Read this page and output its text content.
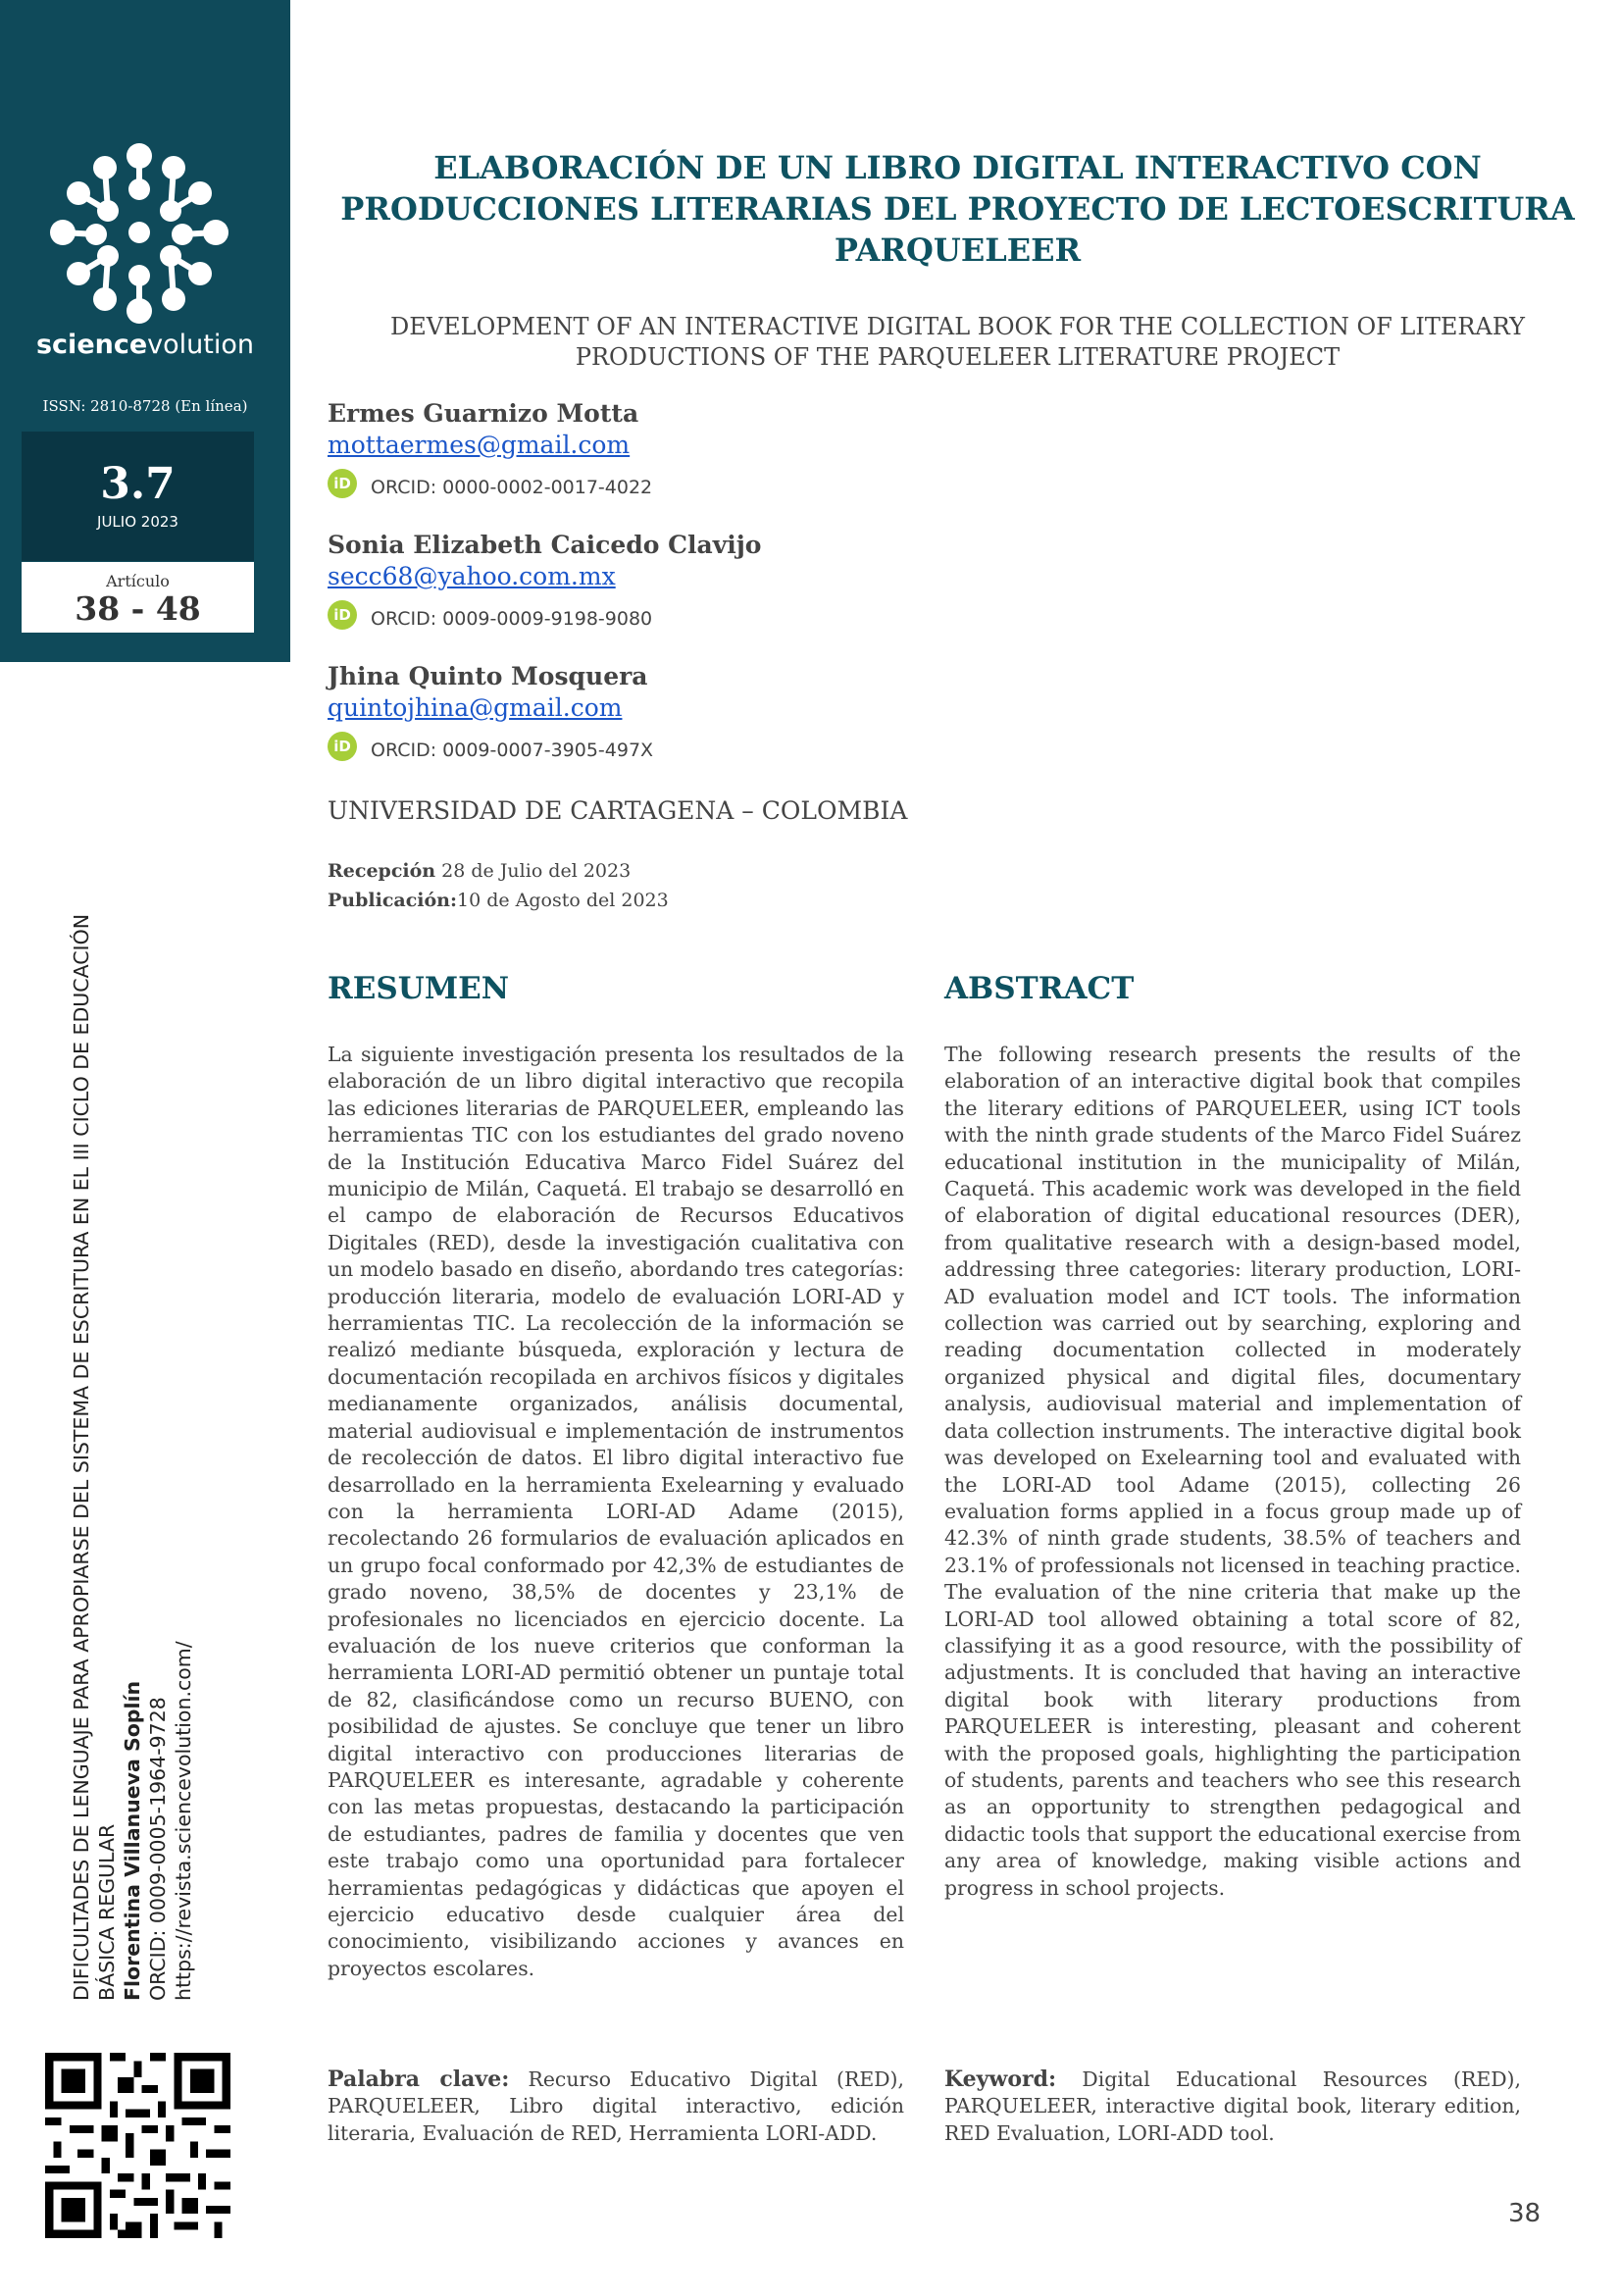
sciencevolution
ISSN: 2810-8728 (En línea)
3.7
JULIO 2023
Artículo
38 - 48
DIFICULTADES DE LENGUAJE PARA APROPIARSE DEL SISTEMA DE ESCRITURA EN EL III CICLO DE EDUCACIÓN BÁSICA REGULAR Florentina Villanueva Soplín ORCID: 0009-0005-1964-9728 https://revista.sciencevolution.com/
ELABORACIÓN DE UN LIBRO DIGITAL INTERACTIVO CON PRODUCCIONES LITERARIAS DEL PROYECTO DE LECTOESCRITURA PARQUELEER
DEVELOPMENT OF AN INTERACTIVE DIGITAL BOOK FOR THE COLLECTION OF LITERARY PRODUCTIONS OF THE PARQUELEER LITERATURE PROJECT
Ermes Guarnizo Motta
mottaermes@gmail.com
iD	ORCID: 0000-0002-0017-4022
Sonia Elizabeth Caicedo Clavijo
secc68@yahoo.com.mx
iD	ORCID: 0009-0009-9198-9080
Jhina Quinto Mosquera
quintojhina@gmail.com
iD	ORCID: 0009-0007-3905-497X
UNIVERSIDAD DE CARTAGENA – COLOMBIA
Recepción 28 de Julio del 2023
Publicación:10 de Agosto del 2023
RESUMEN	ABSTRACT
La siguiente investigación presenta los resultados de la elaboración de un libro digital interactivo que recopila las ediciones literarias de PARQUELEER, empleando las herramientas TIC con los estudiantes del grado noveno de la Institución Educativa Marco Fidel Suárez del municipio de Milán, Caquetá. El trabajo se desarrolló en el campo de elaboración de Recursos Educativos Digitales (RED), desde la investigación cualitativa con un modelo basado en diseño, abordando tres categorías: producción literaria, modelo de evaluación LORI-AD y herramientas TIC. La recolección de la información se realizó mediante búsqueda, exploración y lectura de documentación recopilada en archivos físicos y digitales medianamente organizados, análisis documental, material audiovisual e implementación de instrumentos de recolección de datos. El libro digital interactivo fue desarrollado en la herramienta Exelearning y evaluado con la herramienta LORI-AD Adame (2015), recolectando 26 formularios de evaluación aplicados en un grupo focal conformado por 42,3% de estudiantes de grado noveno, 38,5% de docentes y 23,1% de profesionales no licenciados en ejercicio docente. La evaluación de los nueve criterios que conforman la herramienta LORI-AD permitió obtener un puntaje total de 82, clasificándose como un recurso BUENO, con posibilidad de ajustes. Se concluye que tener un libro digital interactivo con producciones literarias de PARQUELEER es interesante, agradable y coherente con las metas propuestas, destacando la participación de estudiantes, padres de familia y docentes que ven este trabajo como una oportunidad para fortalecer herramientas pedagógicas y didácticas que apoyen el ejercicio educativo desde cualquier área del conocimiento, visibilizando acciones y avances en proyectos escolares.
The following research presents the results of the elaboration of an interactive digital book that compiles the literary editions of PARQUELEER, using ICT tools with the ninth grade students of the Marco Fidel Suárez educational institution in the municipality of Milán, Caquetá. This academic work was developed in the field of elaboration of digital educational resources (DER), from qualitative research with a design-based model, addressing three categories: literary production, LORI-AD evaluation model and ICT tools. The information collection was carried out by searching, exploring and reading documentation collected in moderately organized physical and digital files, documentary analysis, audiovisual material and implementation of data collection instruments. The interactive digital book was developed on Exelearning tool and evaluated with the LORI-AD tool Adame (2015), collecting 26 evaluation forms applied in a focus group made up of 42.3% of ninth grade students, 38.5% of teachers and 23.1% of professionals not licensed in teaching practice. The evaluation of the nine criteria that make up the LORI-AD tool allowed obtaining a total score of 82, classifying it as a good resource, with the possibility of adjustments. It is concluded that having an interactive digital book with literary productions from PARQUELEER is interesting, pleasant and coherent with the proposed goals, highlighting the participation of students, parents and teachers who see this research as an opportunity to strengthen pedagogical and didactic tools that support the educational exercise from any area of knowledge, making visible actions and progress in school projects.
Palabra clave: Recurso Educativo Digital (RED), PARQUELEER, Libro digital interactivo, edición literaria, Evaluación de RED, Herramienta LORI-ADD.
Keyword: Digital Educational Resources (RED), PARQUELEER, interactive digital book, literary edition, RED Evaluation, LORI-ADD tool.
38
